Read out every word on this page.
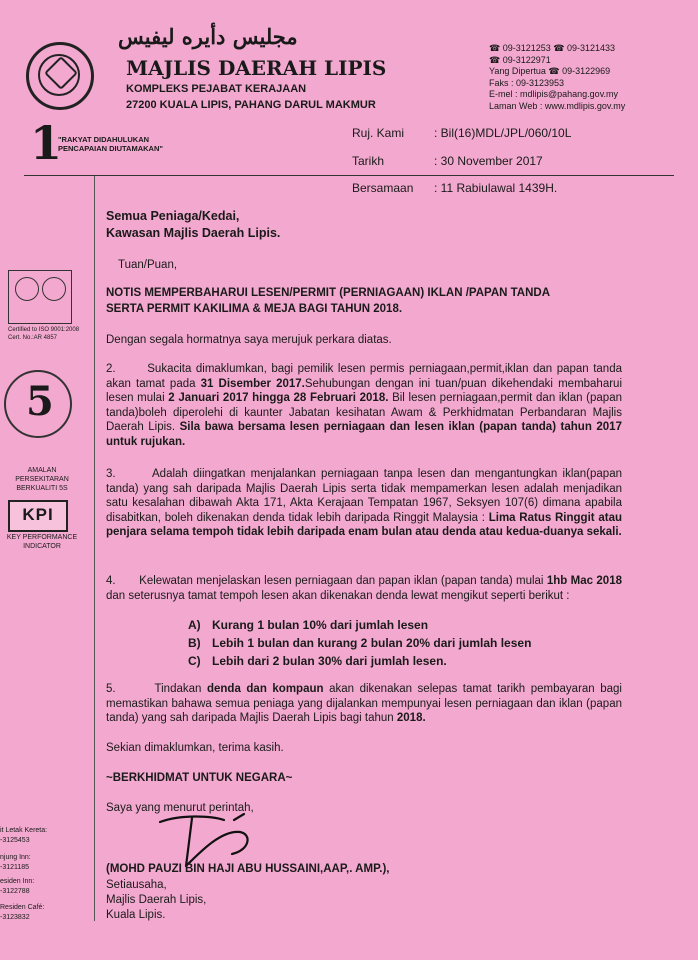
مجليس دأيره ليفيس
MAJLIS DAERAH LIPIS
KOMPLEKS PEJABAT KERAJAAN
27200 KUALA LIPIS, PAHANG DARUL MAKMUR
☎ 09-3121253 ☎ 09-3121433
☎ 09-3122971
Yang Dipertua ☎ 09-3122969
Faks : 09-3123953
E-mel : mdlipis@pahang.gov.my
Laman Web : www.mdlipis.gov.my
1
"RAKYAT DIDAHULUKAN
PENCAPAIAN DIUTAMAKAN"
Ruj. Kami	: Bil(16)MDL/JPL/060/10L
Tarikh	: 30 November 2017
Bersamaan	: 11 Rabiulawal 1439H.
Certified to ISO 9001:2008
Cert. No.:AR 4857
5
AMALAN PERSEKITARAN BERKUALITI 5S
KPI
KEY PERFORMANCE INDICATOR
it Letak Kereta:
-3125453
njung Inn:
-3121185
esiden Inn:
-3122788
Residen Café:
-3123832
Semua Peniaga/Kedai,
Kawasan Majlis Daerah Lipis.
Tuan/Puan,
NOTIS MEMPERBAHARUI LESEN/PERMIT (PERNIAGAAN) IKLAN /PAPAN TANDA
SERTA PERMIT KAKILIMA & MEJA BAGI TAHUN 2018.
Dengan segala hormatnya saya merujuk perkara diatas.

2.	Sukacita dimaklumkan, bagi pemilik lesen permis perniagaan,permit,iklan dan papan tanda akan tamat pada 31 Disember 2017.Sehubungan dengan ini tuan/puan dikehendaki membaharui lesen mulai 2 Januari 2017 hingga 28 Februari 2018. Bil lesen perniagaan,permit dan iklan (papan tanda)boleh diperolehi di kaunter Jabatan kesihatan Awam & Perkhidmatan Perbandaran Majlis Daerah Lipis. Sila bawa bersama lesen perniagaan dan lesen iklan (papan tanda) tahun 2017 untuk rujukan.

3.	Adalah diingatkan menjalankan perniagaan tanpa lesen dan mengantungkan iklan(papan tanda) yang sah daripada Majlis Daerah Lipis serta tidak mempamerkan lesen adalah menjadikan satu kesalahan dibawah Akta 171, Akta Kerajaan Tempatan 1967, Seksyen 107(6) dimana apabila disabitkan, boleh dikenakan denda tidak lebih daripada Ringgit Malaysia : Lima Ratus Ringgit atau penjara selama tempoh tidak lebih daripada enam bulan atau denda atau kedua-duanya sekali.

4. Kelewatan menjelaskan lesen perniagaan dan papan iklan (papan tanda) mulai 1hb Mac 2018 dan seterusnya tamat tempoh lesen akan dikenakan denda lewat mengikut seperti berikut :

A) Kurang 1 bulan 10% dari jumlah lesen
B) Lebih 1 bulan dan kurang 2 bulan 20% dari jumlah lesen
C) Lebih dari 2 bulan 30% dari jumlah lesen.

5.	Tindakan denda dan kompaun akan dikenakan selepas tamat tarikh pembayaran bagi memastikan bahawa semua peniaga yang dijalankan mempunyai lesen perniagaan dan iklan (papan tanda) yang sah daripada Majlis Daerah Lipis bagi tahun 2018.

Sekian dimaklumkan, terima kasih.
~BERKHIDMAT UNTUK NEGARA~
Saya yang menurut perintah,
(MOHD PAUZI BIN HAJI ABU HUSSAINI,AAP,. AMP.),
Setiausaha,
Majlis Daerah Lipis,
Kuala Lipis.
